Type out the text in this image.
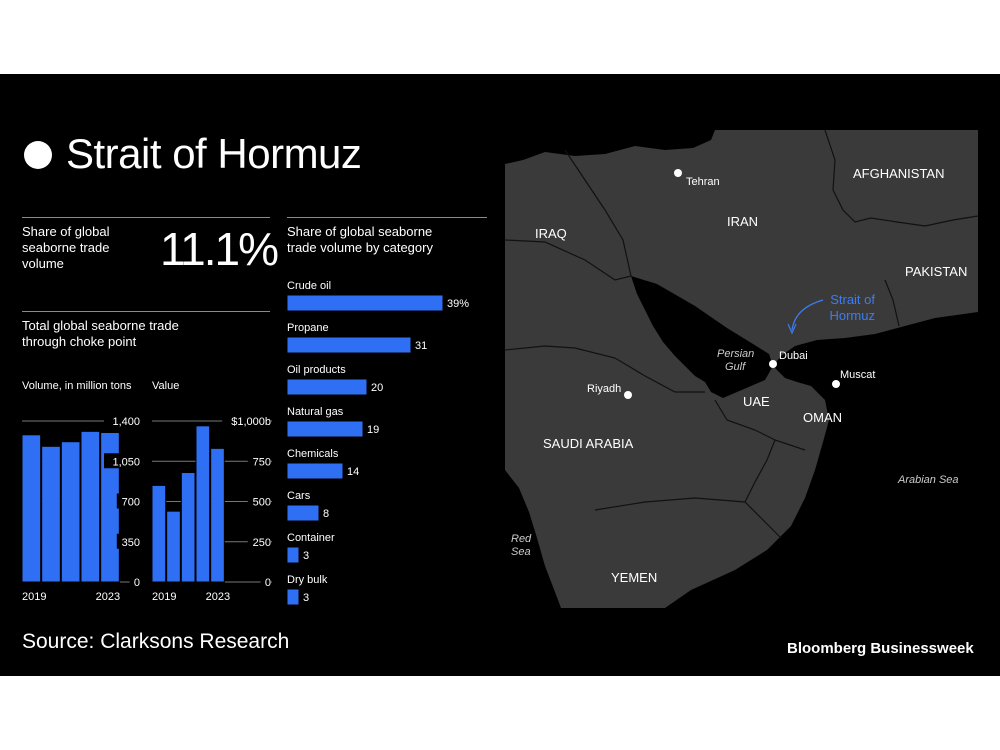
Strait of Hormuz
Share of global
seaborne trade
volume	11.1%
Total global seaborne trade
through choke point
Share of global seaborne
trade volume by category
Volume, in million tons
0
350
700
1,050
1,400
2019	2023
Value
0
250
500
750
$1,000b
2019	2023
Crude oil
39%
Propane
31
Oil products
20
Natural gas
19
Chemicals
14
Cars
8
Container
3
Dry bulk
3
IRAQ
IRAN
AFGHANISTAN
PAKISTAN
SAUDI ARABIA
UAE
OMAN
YEMEN
Tehran
Riyadh
Dubai
Muscat
Persian Gulf
Red Sea
Arabian Sea
Strait of Hormuz
Source: Clarksons Research	Bloomberg Businessweek
